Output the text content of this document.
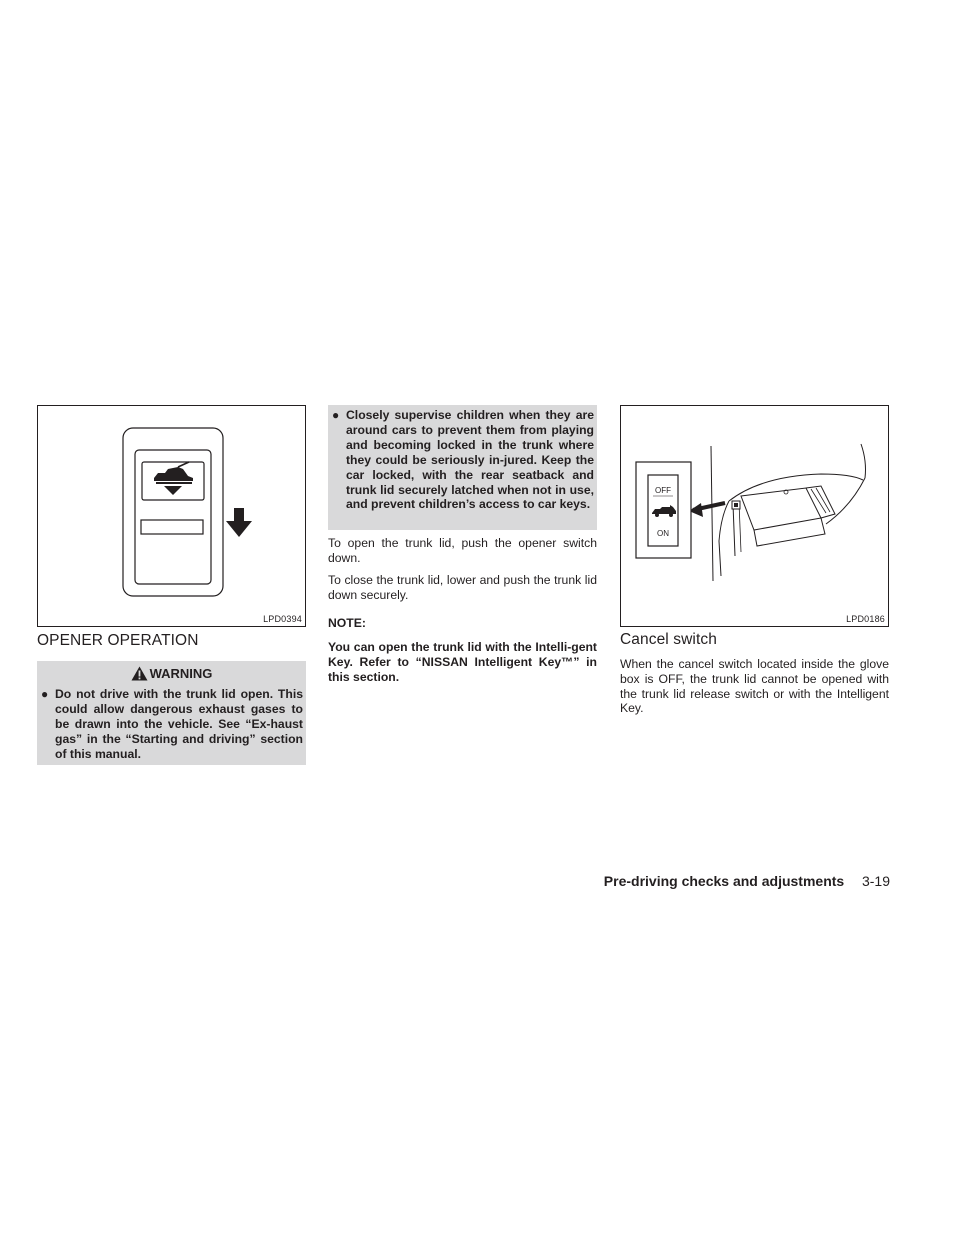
LPD0394
OPENER OPERATION
WARNING
● Do not drive with the trunk lid open. This could allow dangerous exhaust gases to be drawn into the vehicle. See “Ex-haust gas” in the “Starting and driving” section of this manual.
● Closely supervise children when they are around cars to prevent them from playing and becoming locked in the trunk where they could be seriously in-jured. Keep the car locked, with the rear seatback and trunk lid securely latched when not in use, and prevent children’s access to car keys.
To open the trunk lid, push the opener switch down.
To close the trunk lid, lower and push the trunk lid down securely.
NOTE:
You can open the trunk lid with the Intelli-gent Key. Refer to “NISSAN Intelligent Key™” in this section.
OFF
ON
LPD0186
Cancel switch
When the cancel switch located inside the glove box is OFF, the trunk lid cannot be opened with the trunk lid release switch or with the Intelligent Key.
Pre-driving checks and adjustments 3-19
